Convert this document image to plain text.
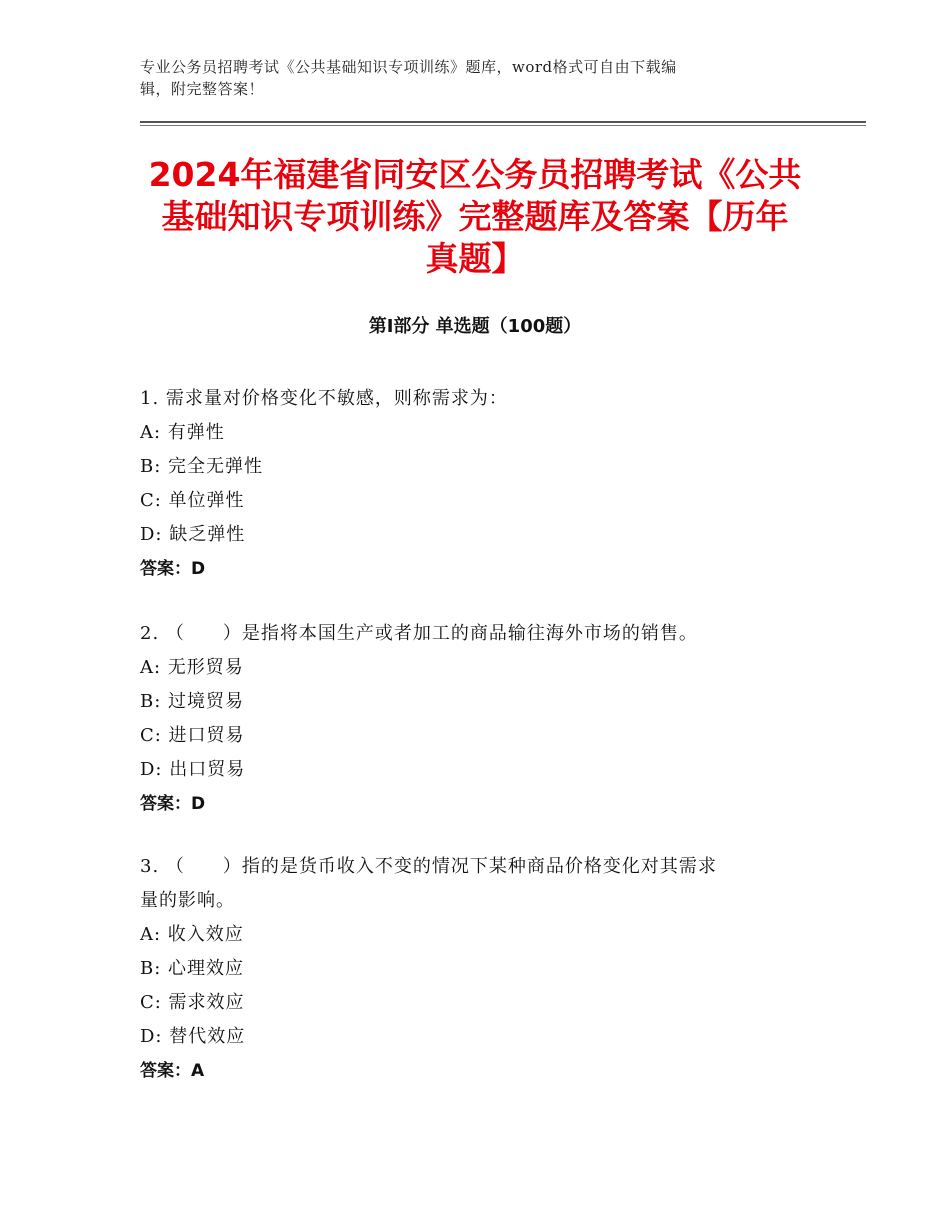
专业公务员招聘考试《公共基础知识专项训练》题库，word格式可自由下载编
辑，附完整答案！
2024年福建省同安区公务员招聘考试《公共
基础知识专项训练》完整题库及答案【历年
真题】
第Ⅰ部分 单选题（100题）
1. 需求量对价格变化不敏感，则称需求为：
A: 有弹性
B: 完全无弹性
C: 单位弹性
D: 缺乏弹性
答案：D
2. （　　）是指将本国生产或者加工的商品输往海外市场的销售。
A: 无形贸易
B: 过境贸易
C: 进口贸易
D: 出口贸易
答案：D
3. （　　）指的是货币收入不变的情况下某种商品价格变化对其需求
量的影响。
A: 收入效应
B: 心理效应
C: 需求效应
D: 替代效应
答案：A
